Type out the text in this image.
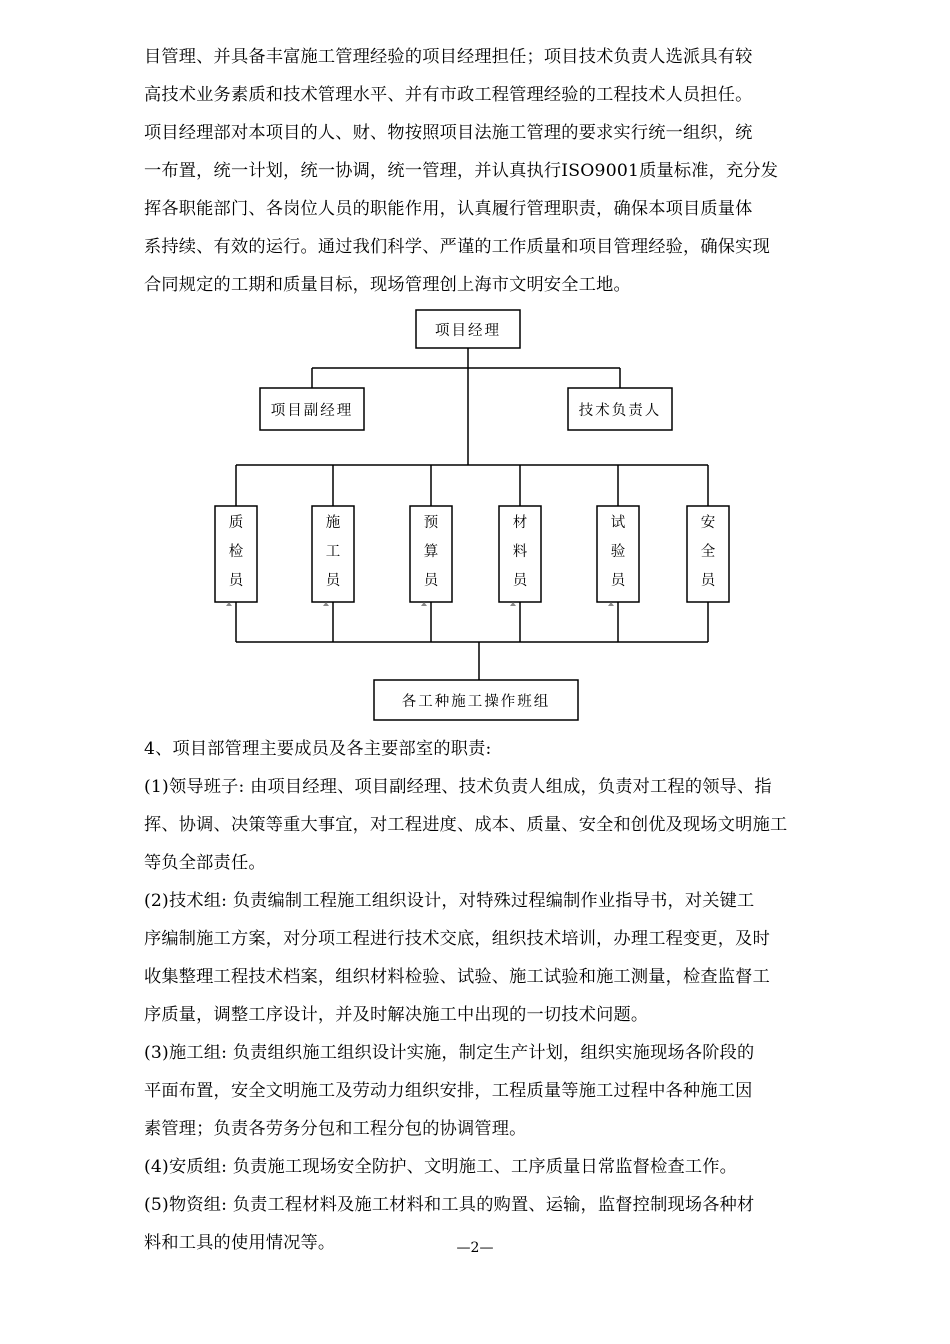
目管理、并具备丰富施工管理经验的项目经理担任；项目技术负责人选派具有较
高技术业务素质和技术管理水平、并有市政工程管理经验的工程技术人员担任。
项目经理部对本项目的人、财、物按照项目法施工管理的要求实行统一组织，统
一布置，统一计划，统一协调，统一管理，并认真执行ISO9001质量标准，充分发
挥各职能部门、各岗位人员的职能作用，认真履行管理职责，确保本项目质量体
系持续、有效的运行。通过我们科学、严谨的工作质量和项目管理经验，确保实现
合同规定的工期和质量目标，现场管理创上海市文明安全工地。
项目经理
项目副经理	技术负责人
各工种施工操作班组
质检员
施工员
预算员
材料员
试验员
安全员
4、项目部管理主要成员及各主要部室的职责:
(1)领导班子: 由项目经理、项目副经理、技术负责人组成，负责对工程的领导、指
挥、协调、决策等重大事宜，对工程进度、成本、质量、安全和创优及现场文明施工
等负全部责任。
(2)技术组: 负责编制工程施工组织设计，对特殊过程编制作业指导书，对关键工
序编制施工方案，对分项工程进行技术交底，组织技术培训，办理工程变更，及时
收集整理工程技术档案，组织材料检验、试验、施工试验和施工测量，检查监督工
序质量，调整工序设计，并及时解决施工中出现的一切技术问题。
(3)施工组: 负责组织施工组织设计实施，制定生产计划，组织实施现场各阶段的
平面布置，安全文明施工及劳动力组织安排，工程质量等施工过程中各种施工因
素管理；负责各劳务分包和工程分包的协调管理。
(4)安质组: 负责施工现场安全防护、文明施工、工序质量日常监督检查工作。
(5)物资组: 负责工程材料及施工材料和工具的购置、运输，监督控制现场各种材
料和工具的使用情况等。	—2—
